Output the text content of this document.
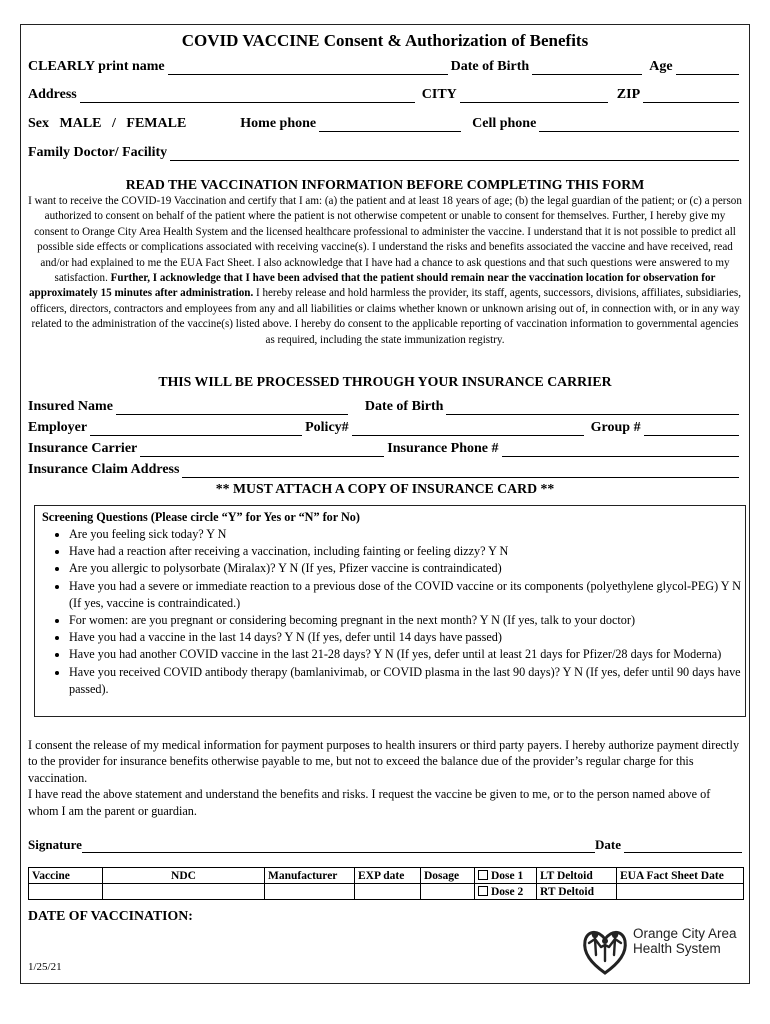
COVID VACCINE Consent & Authorization of Benefits
CLEARLY print name	Date of Birth	Age
Address	CITY	ZIP
Sex   MALE   /   FEMALE	Home phone	Cell phone
Family Doctor/ Facility
READ THE VACCINATION INFORMATION BEFORE COMPLETING THIS FORM
I want to receive the COVID-19 Vaccination and certify that I am: (a) the patient and at least 18 years of age; (b) the legal guardian of the patient; or (c) a person authorized to consent on behalf of the patient where the patient is not otherwise competent or unable to consent for themselves. Further, I hereby give my consent to Orange City Area Health System and the licensed healthcare professional to administer the vaccine. I understand that it is not possible to predict all possible side effects or complications associated with receiving vaccine(s). I understand the risks and benefits associated the vaccine and have received, read and/or had explained to me the EUA Fact Sheet. I also acknowledge that I have had a chance to ask questions and that such questions were answered to my satisfaction. Further, I acknowledge that I have been advised that the patient should remain near the vaccination location for observation for approximately 15 minutes after administration. I hereby release and hold harmless the provider, its staff, agents, successors, divisions, affiliates, subsidiaries, officers, directors, contractors and employees from any and all liabilities or claims whether known or unknown arising out of, in connection with, or in any way related to the administration of the vaccine(s) listed above. I hereby do consent to the applicable reporting of vaccination information to governmental agencies as required, including the state immunization registry.
THIS WILL BE PROCESSED THROUGH YOUR INSURANCE CARRIER
Insured Name	Date of Birth
Employer	Policy#	Group #
Insurance Carrier	Insurance Phone #
Insurance Claim Address
** MUST ATTACH A COPY OF INSURANCE CARD **
Screening Questions (Please circle “Y” for Yes or “N” for No)
• Are you feeling sick today? Y N
• Have had a reaction after receiving a vaccination, including fainting or feeling dizzy? Y N
• Are you allergic to polysorbate (Miralax)? Y N (If yes, Pfizer vaccine is contraindicated)
• Have you had a severe or immediate reaction to a previous dose of the COVID vaccine or its components (polyethylene glycol-PEG) Y N (If yes, vaccine is contraindicated.)
• For women: are you pregnant or considering becoming pregnant in the next month? Y N (If yes, talk to your doctor)
• Have you had a vaccine in the last 14 days? Y N (If yes, defer until 14 days have passed)
• Have you had another COVID vaccine in the last 21-28 days? Y N (If yes, defer until at least 21 days for Pfizer/28 days for Moderna)
• Have you received COVID antibody therapy (bamlanivimab, or COVID plasma in the last 90 days)? Y N (If yes, defer until 90 days have passed).
I consent the release of my medical information for payment purposes to health insurers or third party payers. I hereby authorize payment directly to the provider for insurance benefits otherwise payable to me, but not to exceed the balance due of the provider’s regular charge for this vaccination.
I have read the above statement and understand the benefits and risks. I request the vaccine be given to me, or to the person named above of whom I am the parent or guardian.
Signature	Date
Vaccine	NDC	Manufacturer	EXP date	Dosage	Dose 1	LT Deltoid	EUA Fact Sheet Date
					Dose 2	RT Deltoid	
DATE OF VACCINATION:
1/25/21
Orange City Area
Health System
